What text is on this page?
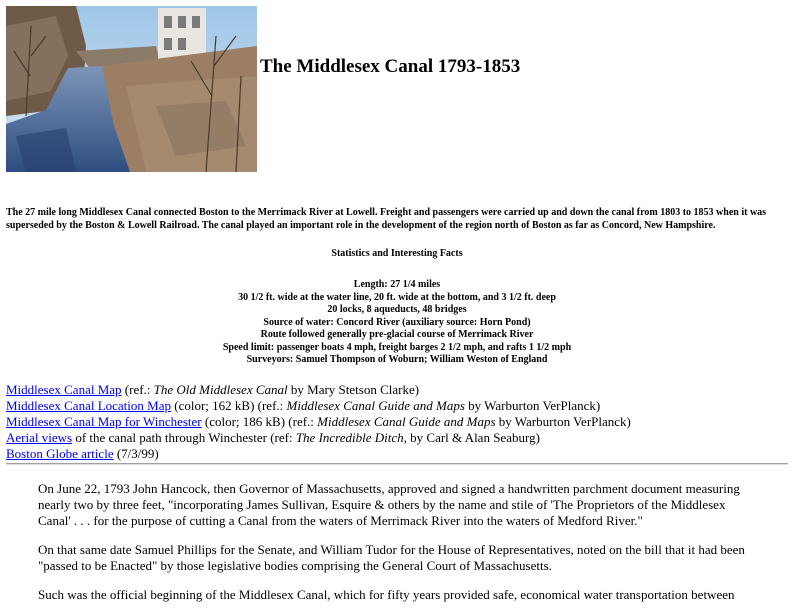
The Middlesex Canal 1793-1853

The 27 mile long Middlesex Canal connected Boston to the Merrimack River at Lowell. Freight and passengers were carried up and down the canal from 1803 to 1853 when it was superseded by the Boston & Lowell Railroad. The canal played an important role in the development of the region north of Boston as far as Concord, New Hampshire.

Statistics and Interesting Facts
Length: 27 1/4 miles
30 1/2 ft. wide at the water line, 20 ft. wide at the bottom, and 3 1/2 ft. deep
20 locks, 8 aqueducts, 48 bridges
Source of water: Concord River (auxiliary source: Horn Pond)
Route followed generally pre-glacial course of Merrimack River
Speed limit: passenger boats 4 mph, freight barges 2 1/2 mph, and rafts 1 1/2 mph
Surveyors: Samuel Thompson of Woburn; William Weston of England
Middlesex Canal Map (ref.: The Old Middlesex Canal by Mary Stetson Clarke)
Middlesex Canal Location Map (color; 162 kB) (ref.: Middlesex Canal Guide and Maps by Warburton VerPlanck)
Middlesex Canal Map for Winchester (color; 186 kB) (ref.: Middlesex Canal Guide and Maps by Warburton VerPlanck)
Aerial views of the canal path through Winchester (ref: The Incredible Ditch, by Carl & Alan Seaburg)
Boston Globe article (7/3/99)

On June 22, 1793 John Hancock, then Governor of Massachusetts, approved and signed a handwritten parchment document measuring nearly two by three feet, "incorporating James Sullivan, Esquire & others by the name and stile of 'The Proprietors of the Middlesex Canal' . . . for the purpose of cutting a Canal from the waters of Merrimack River into the waters of Medford River."

On that same date Samuel Phillips for the Senate, and William Tudor for the House of Representatives, noted on the bill that it had been "passed to be Enacted" by those legislative bodies comprising the General Court of Massachusetts.

Such was the official beginning of the Middlesex Canal, which for fifty years provided safe, economical water transportation between
